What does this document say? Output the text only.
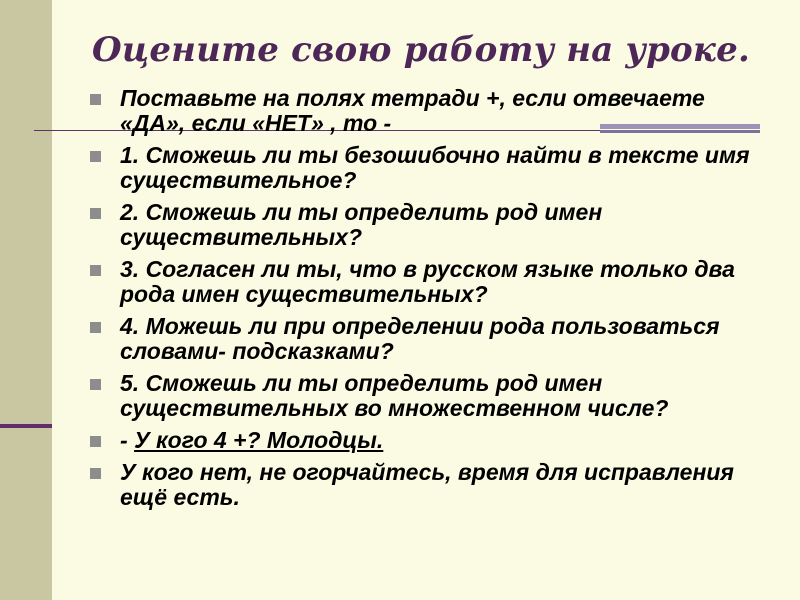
Оцените свою работу на уроке.
Поставьте на полях тетради +, если отвечаете «ДА», если «НЕТ» , то -
1. Сможешь ли ты безошибочно найти в тексте имя существительное?
2. Сможешь ли ты определить род имен существительных?
3. Согласен ли ты, что в русском языке только два рода имен существительных?
4. Можешь ли при определении рода пользоваться словами- подсказками?
5. Сможешь ли ты определить род имен существительных во множественном числе?
- У кого 4 +? Молодцы.
У кого нет, не огорчайтесь, время для исправления ещё есть.
